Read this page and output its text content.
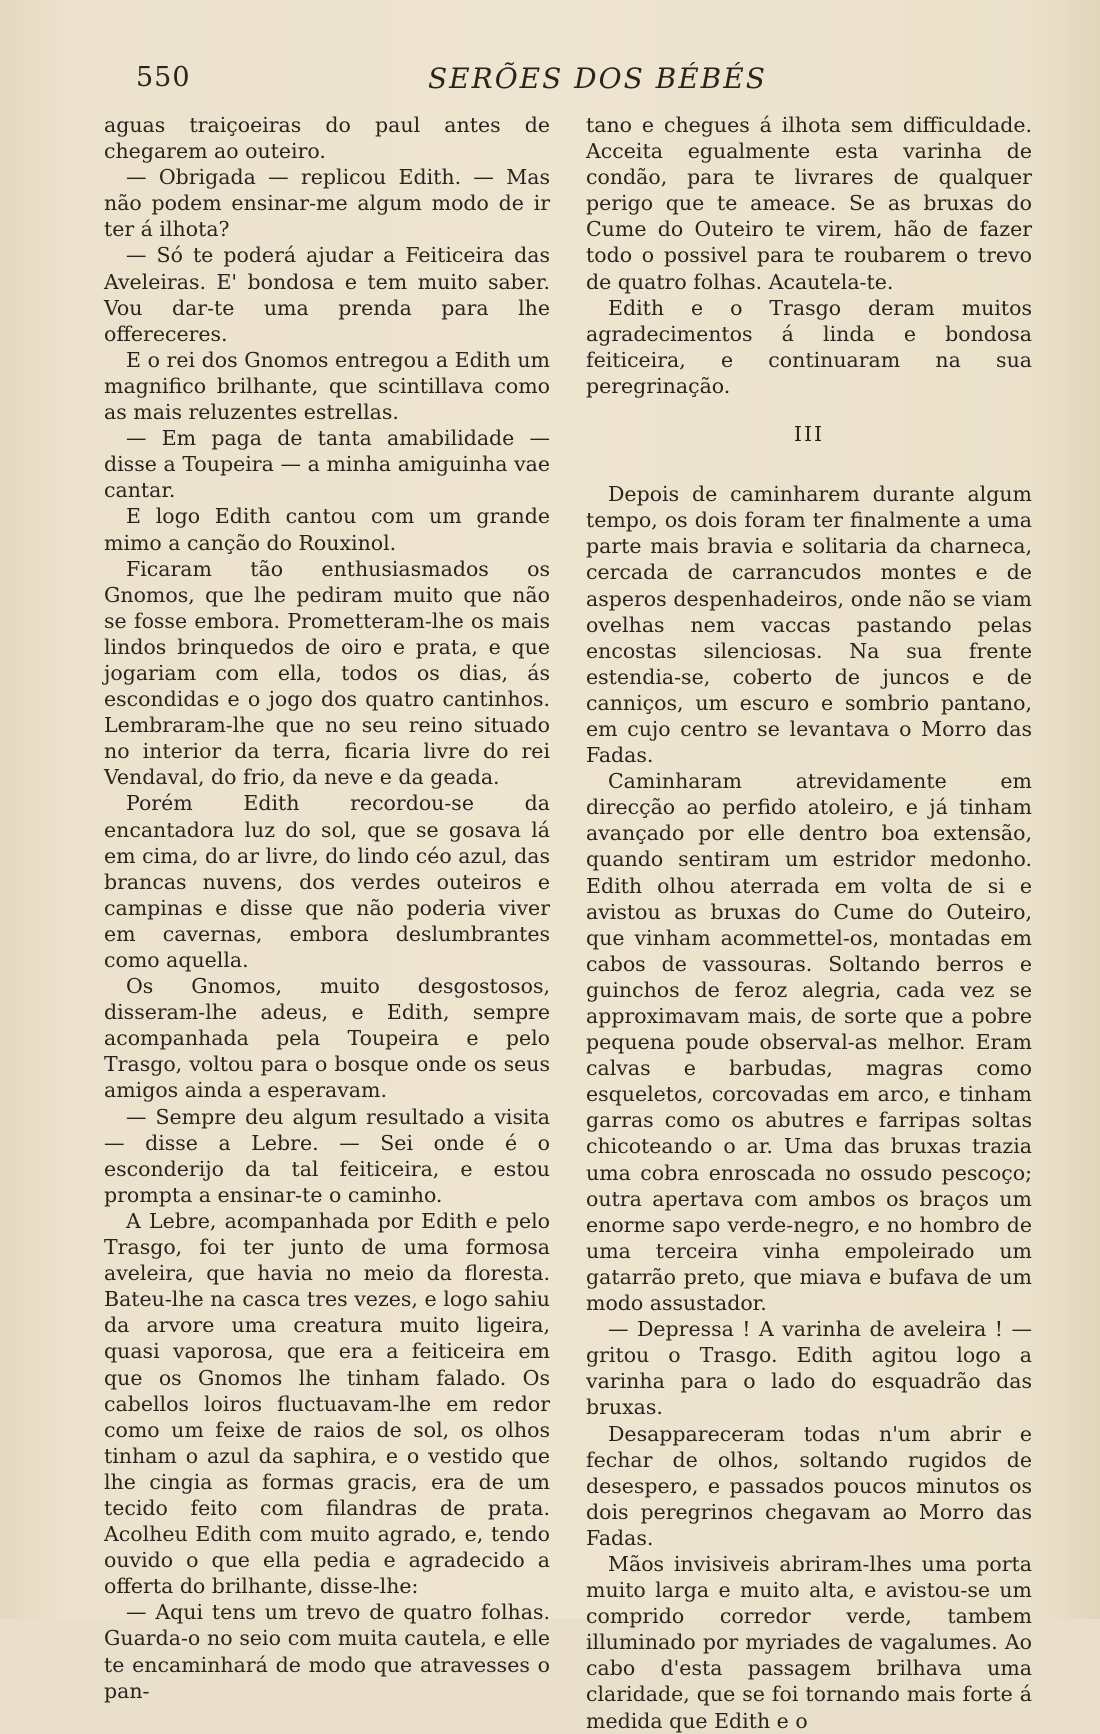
550	SERÕES DOS BÉBÉS

aguas traiçoeiras do paul antes de chegarem ao outeiro.

— Obrigada — replicou Edith. — Mas não podem ensinar-me algum modo de ir ter á ilhota?

— Só te poderá ajudar a Feiticeira das Aveleiras. E' bondosa e tem muito saber. Vou dar-te uma prenda para lhe offereceres.

E o rei dos Gnomos entregou a Edith um magnifico brilhante, que scintillava como as mais reluzentes estrellas.

— Em paga de tanta amabilidade — disse a Toupeira — a minha amiguinha vae cantar.

E logo Edith cantou com um grande mimo a canção do Rouxinol.

Ficaram tão enthusiasmados os Gnomos, que lhe pediram muito que não se fosse embora. Prometteram-lhe os mais lindos brinquedos de oiro e prata, e que jogariam com ella, todos os dias, ás escondidas e o jogo dos quatro cantinhos. Lembraram-lhe que no seu reino situado no interior da terra, ficaria livre do rei Vendaval, do frio, da neve e da geada.

Porém Edith recordou-se da encantadora luz do sol, que se gosava lá em cima, do ar livre, do lindo céo azul, das brancas nuvens, dos verdes outeiros e campinas e disse que não poderia viver em cavernas, embora deslumbrantes como aquella.

Os Gnomos, muito desgostosos, disseram-lhe adeus, e Edith, sempre acompanhada pela Toupeira e pelo Trasgo, voltou para o bosque onde os seus amigos ainda a esperavam.

— Sempre deu algum resultado a visita — disse a Lebre. — Sei onde é o esconderijo da tal feiticeira, e estou prompta a ensinar-te o caminho.

A Lebre, acompanhada por Edith e pelo Trasgo, foi ter junto de uma formosa aveleira, que havia no meio da floresta. Bateu-lhe na casca tres vezes, e logo sahiu da arvore uma creatura muito ligeira, quasi vaporosa, que era a feiticeira em que os Gnomos lhe tinham falado. Os cabellos loiros fluctuavam-lhe em redor como um feixe de raios de sol, os olhos tinham o azul da saphira, e o vestido que lhe cingia as formas gracis, era de um tecido feito com filandras de prata. Acolheu Edith com muito agrado, e, tendo ouvido o que ella pedia e agradecido a offerta do brilhante, disse-lhe:

— Aqui tens um trevo de quatro folhas. Guarda-o no seio com muita cautela, e elle te encaminhará de modo que atravesses o pan-

tano e chegues á ilhota sem difficuldade. Acceita egualmente esta varinha de condão, para te livrares de qualquer perigo que te ameace. Se as bruxas do Cume do Outeiro te virem, hão de fazer todo o possivel para te roubarem o trevo de quatro folhas. Acautela-te.

Edith e o Trasgo deram muitos agradecimentos á linda e bondosa feiticeira, e continuaram na sua peregrinação.

III

Depois de caminharem durante algum tempo, os dois foram ter finalmente a uma parte mais bravia e solitaria da charneca, cercada de carrancudos montes e de asperos despenhadeiros, onde não se viam ovelhas nem vaccas pastando pelas encostas silenciosas. Na sua frente estendia-se, coberto de juncos e de canniços, um escuro e sombrio pantano, em cujo centro se levantava o Morro das Fadas.

Caminharam atrevidamente em direcção ao perfido atoleiro, e já tinham avançado por elle dentro boa extensão, quando sentiram um estridor medonho. Edith olhou aterrada em volta de si e avistou as bruxas do Cume do Outeiro, que vinham acommettel-os, montadas em cabos de vassouras. Soltando berros e guinchos de feroz alegria, cada vez se approximavam mais, de sorte que a pobre pequena poude observal-as melhor. Eram calvas e barbudas, magras como esqueletos, corcovadas em arco, e tinham garras como os abutres e farripas soltas chicoteando o ar. Uma das bruxas trazia uma cobra enroscada no ossudo pescoço; outra apertava com ambos os braços um enorme sapo verde-negro, e no hombro de uma terceira vinha empoleirado um gatarrão preto, que miava e bufava de um modo assustador.

— Depressa ! A varinha de aveleira ! — gritou o Trasgo. Edith agitou logo a varinha para o lado do esquadrão das bruxas.

Desappareceram todas n'um abrir e fechar de olhos, soltando rugidos de desespero, e passados poucos minutos os dois peregrinos chegavam ao Morro das Fadas.

Mãos invisiveis abriram-lhes uma porta muito larga e muito alta, e avistou-se um comprido corredor verde, tambem illuminado por myriades de vagalumes. Ao cabo d'esta passagem brilhava uma claridade, que se foi tornando mais forte á medida que Edith e o
